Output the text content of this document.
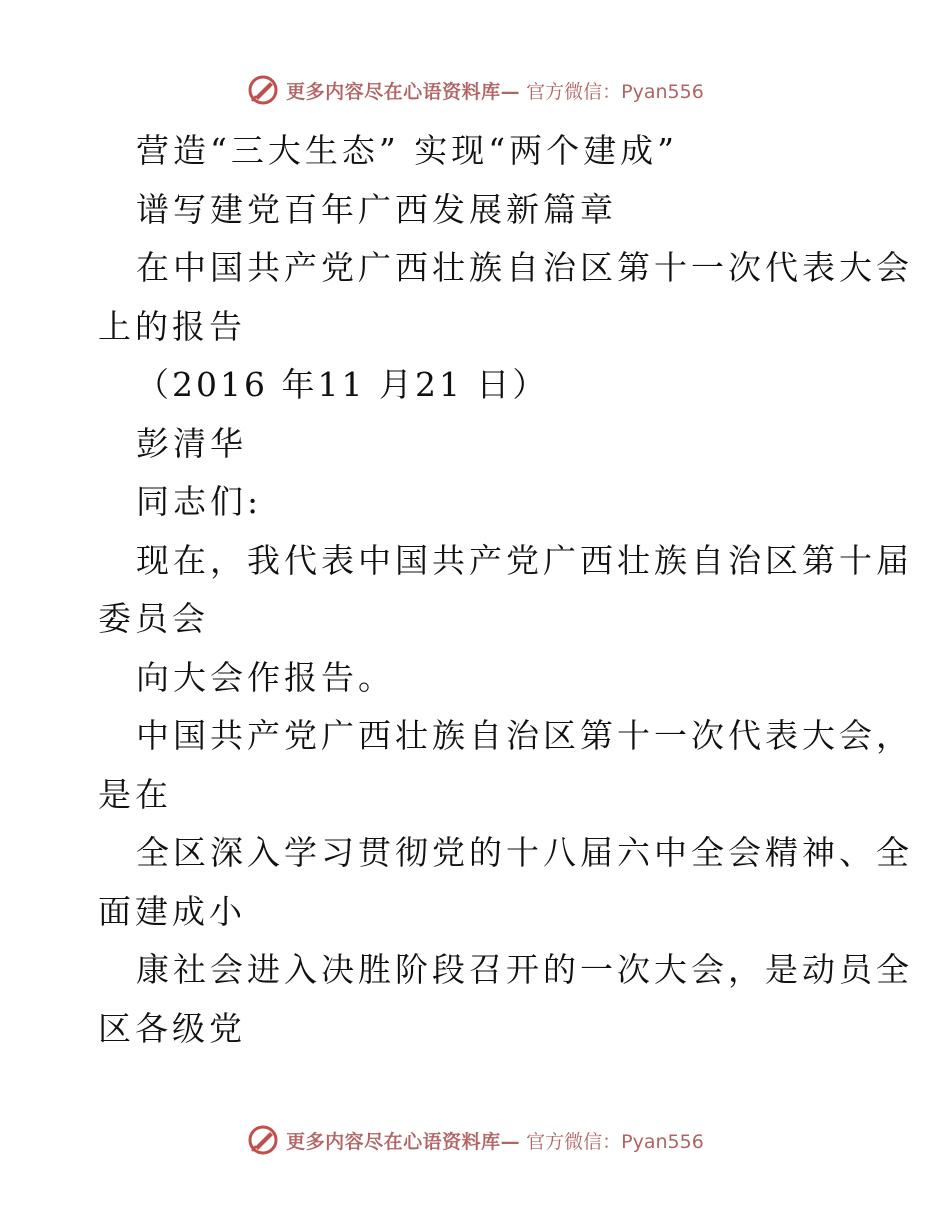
更多内容尽在心语资料库— 官方微信：Pyan556
营造“三大生态” 实现“两个建成”
谱写建党百年广西发展新篇章
在中国共产党广西壮族自治区第十一次代表大会
上的报告
（2016 年11 月21 日）
彭清华
同志们:
现在，我代表中国共产党广西壮族自治区第十届
委员会
向大会作报告。
中国共产党广西壮族自治区第十一次代表大会，
是在
全区深入学习贯彻党的十八届六中全会精神、全
面建成小
康社会进入决胜阶段召开的一次大会，是动员全
区各级党
更多内容尽在心语资料库— 官方微信：Pyan556
